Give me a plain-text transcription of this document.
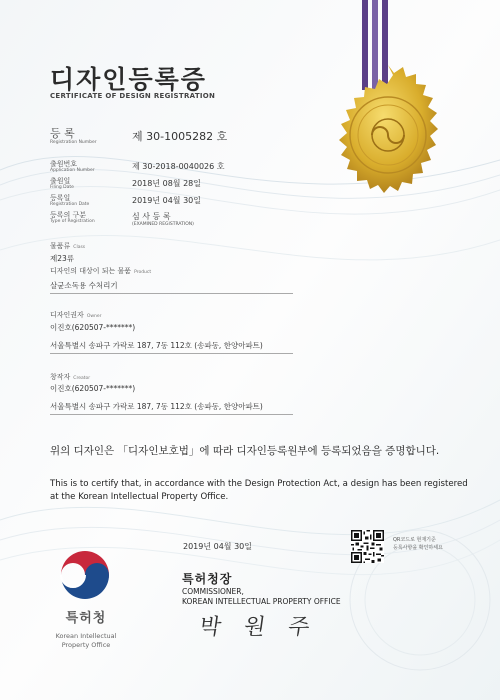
디자인등록증
CERTIFICATE OF DESIGN REGISTRATION
등 록
Registration Number	제 30-1005282 호
출원번호
Application Number	제 30-2018-0040026 호
출원일
Filing Date	2018년 08월 28일
등록일
Registration Date	2019년 04월 30일
등록의 구분
Type of Registration
심 사 등 록
(EXAMINED REGISTRATION)
물품류 Class
제23류
디자인의 대상이 되는 물품 Product
살균소독용 수처리기
디자인권자 Owner
이진호(620507-*******)
서울특별시 송파구 가락로 187, 7동 112호 (송파동, 한양아파트)
창작자 Creator
이진호(620507-*******)
서울특별시 송파구 가락로 187, 7동 112호 (송파동, 한양아파트)
위의 디자인은 「디자인보호법」에 따라 디자인등록원부에 등록되었음을 증명합니다.
This is to certify that, in accordance with the Design Protection Act, a design has been registered at the Korean Intellectual Property Office.
특허청
Korean Intellectual
Property Office
2019년 04월 30일
QR코드로 현재기준
등록사항을 확인하세요
특허청장
COMMISSIONER,
KOREAN INTELLECTUAL PROPERTY OFFICE
박 원 주
